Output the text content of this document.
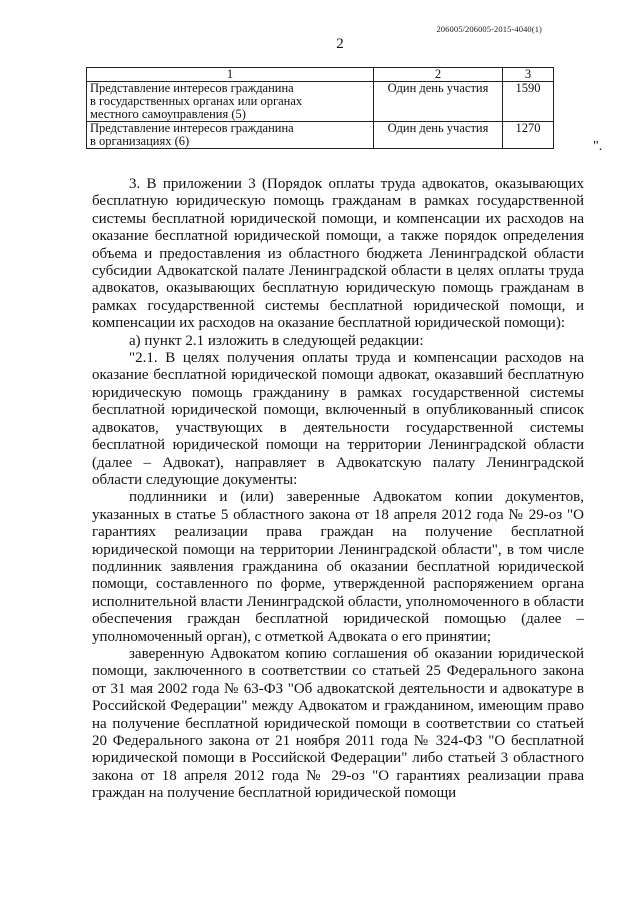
206005/206005-2015-4040(1)
2
1	2	3

Представление интересов гражданина
в государственных органах или органах
местного самоуправления (5)	Один день участия	1590

Представление интересов гражданина
в организациях (6)	Один день участия	1270
".

3. В приложении 3 (Порядок оплаты труда адвокатов, оказывающих бесплатную юридическую помощь гражданам в рамках государственной системы бесплатной юридической помощи, и компенсации их расходов на оказание бесплатной юридической помощи, а также порядок определения объема и предоставления из областного бюджета Ленинградской области субсидии Адвокатской палате Ленинградской области в целях оплаты труда адвокатов, оказывающих бесплатную юридическую помощь гражданам в рамках государственной системы бесплатной юридической помощи, и компенсации их расходов на оказание бесплатной юридической помощи):

а) пункт 2.1 изложить в следующей редакции:

"2.1. В целях получения оплаты труда и компенсации расходов на оказание бесплатной юридической помощи адвокат, оказавший бесплатную юридическую помощь гражданину в рамках государственной системы бесплатной юридической помощи, включенный в опубликованный список адвокатов, участвующих в деятельности государственной системы бесплатной юридической помощи на территории Ленинградской области (далее – Адвокат), направляет в Адвокатскую палату Ленинградской области следующие документы:

подлинники и (или) заверенные Адвокатом копии документов, указанных в статье 5 областного закона от 18 апреля 2012 года № 29-оз "О гарантиях реализации права граждан на получение бесплатной юридической помощи на территории Ленинградской области", в том числе подлинник заявления гражданина об оказании бесплатной юридической помощи, составленного по форме, утвержденной распоряжением органа исполнительной власти Ленинградской области, уполномоченного в области обеспечения граждан бесплатной юридической помощью (далее – уполномоченный орган), с отметкой Адвоката о его принятии;

заверенную Адвокатом копию соглашения об оказании юридической помощи, заключенного в соответствии со статьей 25 Федерального закона от 31 мая 2002 года № 63-ФЗ "Об адвокатской деятельности и адвокатуре в Российской Федерации" между Адвокатом и гражданином, имеющим право на получение бесплатной юридической помощи в соответствии со статьей 20 Федерального закона от 21 ноября 2011 года № 324-ФЗ "О бесплатной юридической помощи в Российской Федерации" либо статьей 3 областного закона от 18 апреля 2012 года № 29-оз "О гарантиях реализации права граждан на получение бесплатной юридической помощи
